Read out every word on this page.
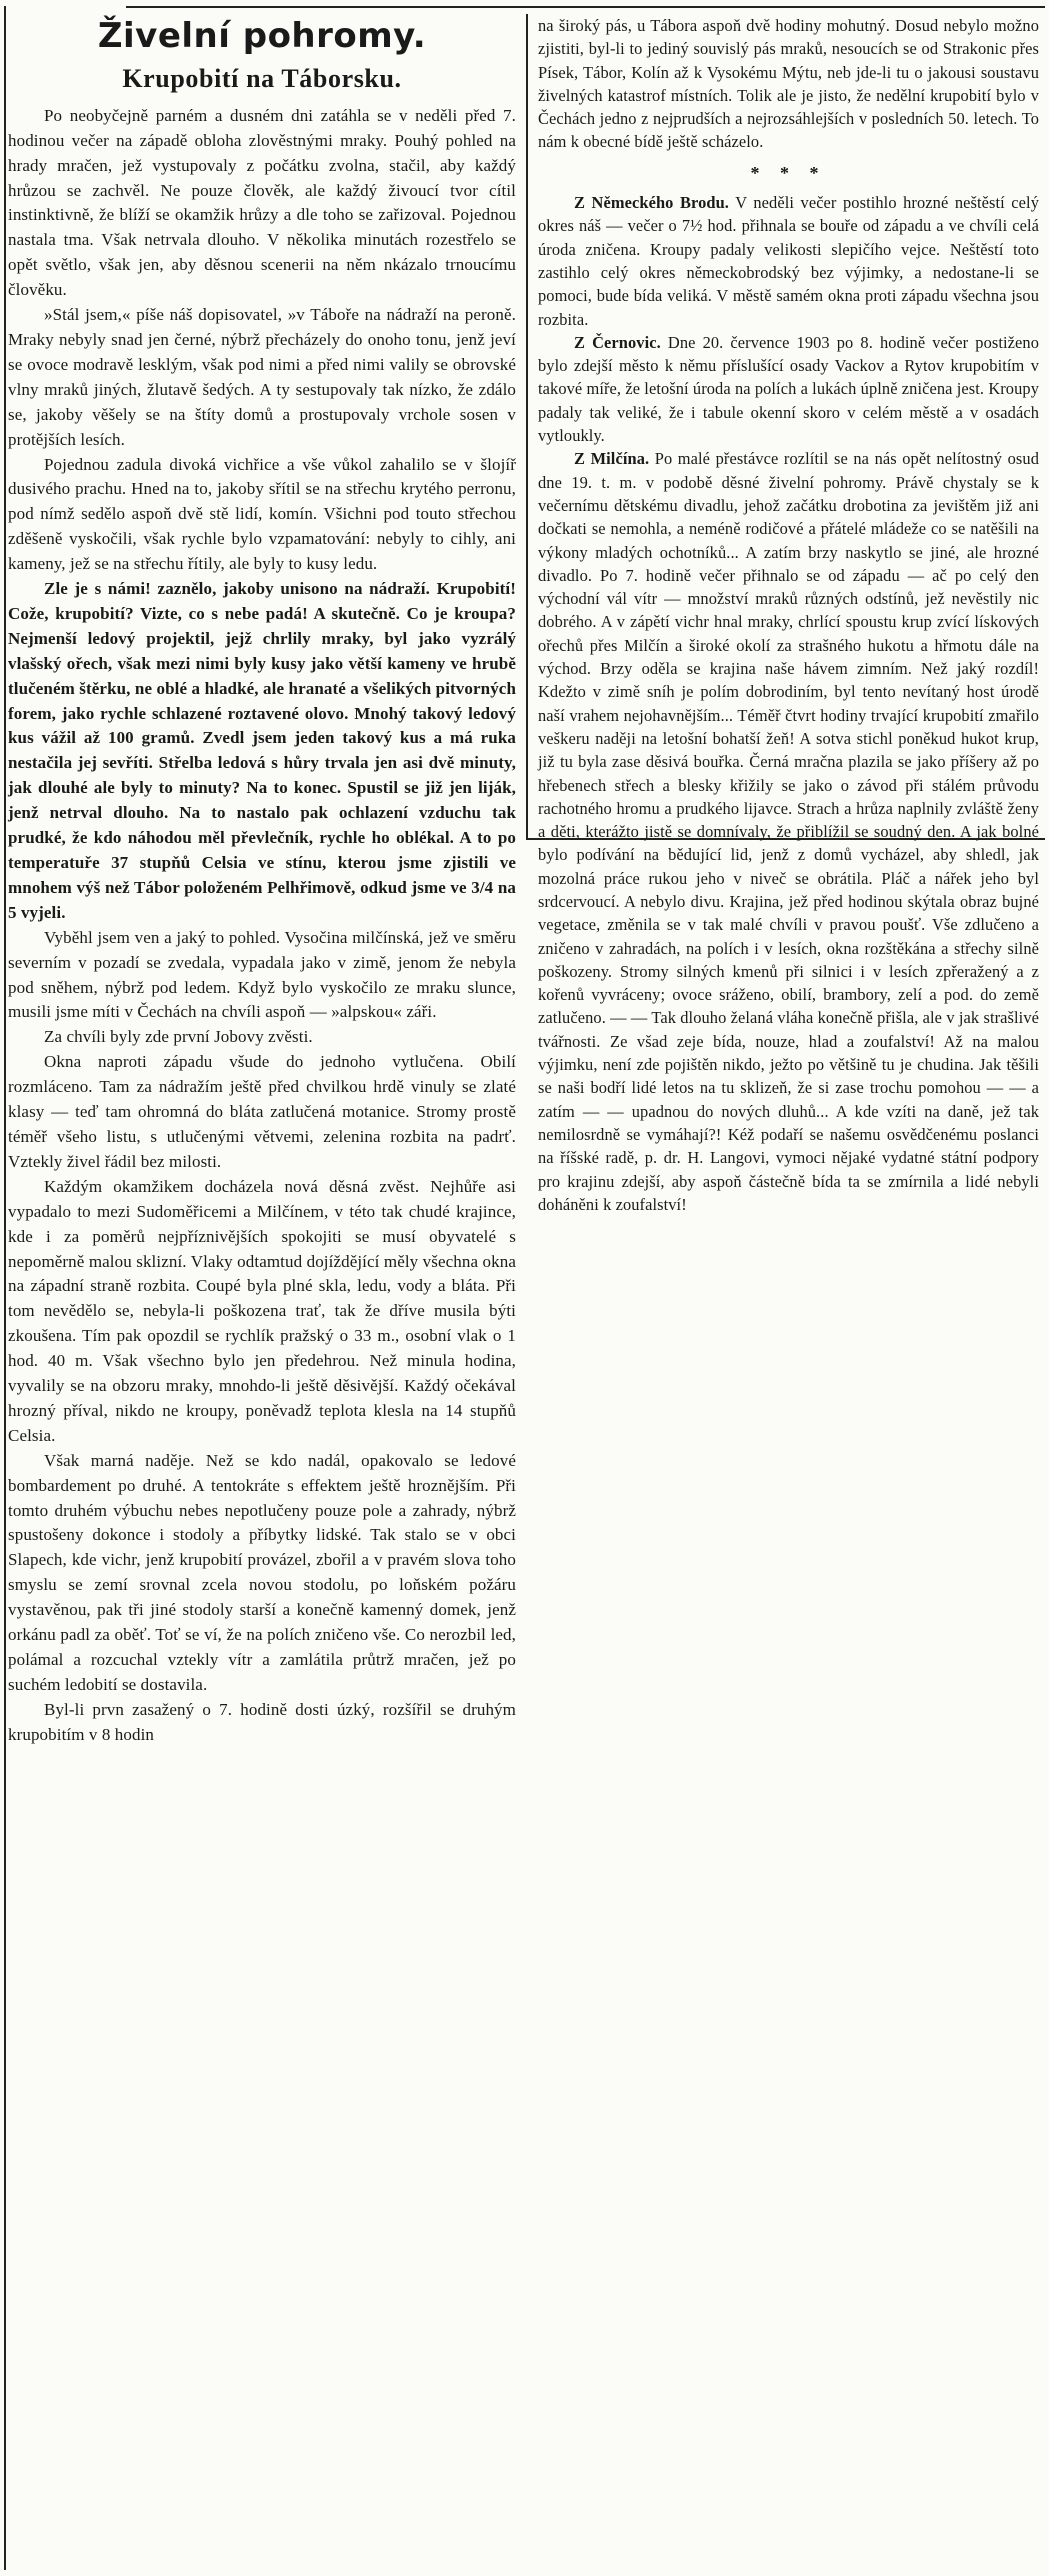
Živelní pohromy.
Krupobití na Táborsku.

Po neobyčejně parném a dusném dni zatáhla se v neděli před 7. hodinou večer na západě obloha zlověstnými mraky. Pouhý pohled na hrady mračen, jež vystupovaly z počátku zvolna, stačil, aby každý hrůzou se zachvěl. Ne pouze člověk, ale každý živoucí tvor cítil instinktivně, že blíží se okamžik hrůzy a dle toho se zařizoval. Pojednou nastala tma. Však netrvala dlouho. V několika minutách rozestřelo se opět světlo, však jen, aby děsnou scenerii na něm nkázalo trnoucímu člověku.

»Stál jsem,« píše náš dopisovatel, »v Táboře na nádraží na peroně. Mraky nebyly snad jen černé, nýbrž přecházely do onoho tonu, jenž jeví se ovoce modravě lesklým, však pod nimi a před nimi valily se obrovské vlny mraků jiných, žlutavě šedých. A ty sestupovaly tak nízko, že zdálo se, jakoby věšely se na štíty domů a prostupovaly vrchole sosen v protějších lesích.

Pojednou zadula divoká vichřice a vše vůkol zahalilo se v šlojíř dusivého prachu. Hned na to, jakoby sřítil se na střechu krytého perronu, pod nímž sedělo aspoň dvě stě lidí, komín. Všichni pod touto střechou zděšeně vyskočili, však rychle bylo vzpamatování: nebyly to cihly, ani kameny, jež se na střechu řítily, ale byly to kusy ledu.

Zle je s námi! zaznělo, jakoby unisono na nádraží. Krupobití! Cože, krupobití? Vizte, co s nebe padá! A skutečně. Co je kroupa? Nejmenší ledový projektil, jejž chrlily mraky, byl jako vyzrálý vlašský ořech, však mezi nimi byly kusy jako větší kameny ve hrubě tlučeném štěrku, ne oblé a hladké, ale hranaté a všelikých pitvorných forem, jako rychle schlazené roztavené olovo. Mnohý takový ledový kus vážil až 100 gramů. Zvedl jsem jeden takový kus a má ruka nestačila jej sevříti. Střelba ledová s hůry trvala jen asi dvě minuty, jak dlouhé ale byly to minuty? Na to konec. Spustil se již jen liják, jenž netrval dlouho. Na to nastalo pak ochlazení vzduchu tak prudké, že kdo náhodou měl převlečník, rychle ho oblékal. A to po temperatuře 37 stupňů Celsia ve stínu, kterou jsme zjistili ve mnohem výš než Tábor položeném Pelhřimově, odkud jsme ve 3/4 na 5 vyjeli.

Vyběhl jsem ven a jaký to pohled. Vysočina milčínská, jež ve směru severním v pozadí se zvedala, vypadala jako v zimě, jenom že nebyla pod sněhem, nýbrž pod ledem. Když bylo vyskočilo ze mraku slunce, musili jsme míti v Čechách na chvíli aspoň — »alpskou« záři.

Za chvíli byly zde první Jobovy zvěsti.

Okna naproti západu všude do jednoho vytlučena. Obilí rozmláceno. Tam za nádražím ještě před chvilkou hrdě vinuly se zlaté klasy — teď tam ohromná do bláta zatlučená motanice. Stromy prostě téměř všeho listu, s utlučenými větvemi, zelenina rozbita na padrť. Vztekly živel řádil bez milosti.

Každým okamžikem docházela nová děsná zvěst. Nejhůře asi vypadalo to mezi Sudoměřicemi a Milčínem, v této tak chudé krajince, kde i za poměrů nejpříznivějších spokojiti se musí obyvatelé s nepoměrně malou sklizní. Vlaky odtamtud dojíždějící měly všechna okna na západní straně rozbita. Coupé byla plné skla, ledu, vody a bláta. Při tom nevědělo se, nebyla-li poškozena trať, tak že dříve musila býti zkoušena. Tím pak opozdil se rychlík pražský o 33 m., osobní vlak o 1 hod. 40 m. Však všechno bylo jen předehrou. Než minula hodina, vyvalily se na obzoru mraky, mnohdo-li ještě děsivější. Každý očekával hrozný příval, nikdo ne kroupy, poněvadž teplota klesla na 14 stupňů Celsia.

Však marná naděje. Než se kdo nadál, opakovalo se ledové bombardement po druhé. A tentokráte s effektem ještě hroznějším. Při tomto druhém výbuchu nebes nepotlučeny pouze pole a zahrady, nýbrž spustošeny dokonce i stodoly a příbytky lidské. Tak stalo se v obci Slapech, kde vichr, jenž krupobití provázel, zbořil a v pravém slova toho smyslu se zemí srovnal zcela novou stodolu, po loňském požáru vystavěnou, pak tři jiné stodoly starší a konečně kamenný domek, jenž orkánu padl za oběť. Toť se ví, že na polích zničeno vše. Co nerozbil led, polámal a rozcuchal vztekly vítr a zamlátila průtrž mračen, jež po suchém ledobití se dostavila.

Byl-li prvn zasažený o 7. hodině dosti úzký, rozšířil se druhým krupobitím v 8 hodin

na široký pás, u Tábora aspoň dvě hodiny mohutný. Dosud nebylo možno zjistiti, byl-li to jediný souvislý pás mraků, nesoucích se od Strakonic přes Písek, Tábor, Kolín až k Vysokému Mýtu, neb jde-li tu o jakousi soustavu živelných katastrof místních. Tolik ale je jisto, že nedělní krupobití bylo v Čechách jedno z nejprudších a nejrozsáhlejších v posledních 50. letech. To nám k obecné bídě ještě scházelo.

* * *

Z Německého Brodu. V neděli večer postihlo hrozné neštěstí celý okres náš — večer o 7½ hod. přihnala se bouře od západu a ve chvíli celá úroda zničena. Kroupy padaly velikosti slepičího vejce. Neštěstí toto zastihlo celý okres německobrodský bez výjimky, a nedostane-li se pomoci, bude bída veliká. V městě samém okna proti západu všechna jsou rozbita.

Z Černovic. Dne 20. července 1903 po 8. hodině večer postiženo bylo zdejší město k němu příslušící osady Vackov a Rytov krupobitím v takové míře, že letošní úroda na polích a lukách úplně zničena jest. Kroupy padaly tak veliké, že i tabule okenní skoro v celém městě a v osadách vytloukly.

Z Milčína. Po malé přestávce rozlítil se na nás opět nelítostný osud dne 19. t. m. v podobě děsné živelní pohromy. Právě chystaly se k večernímu dětskému divadlu, jehož začátku drobotina za jevištěm již ani dočkati se nemohla, a neméně rodičové a přátelé mládeže co se natěšili na výkony mladých ochotníků... A zatím brzy naskytlo se jiné, ale hrozné divadlo. Po 7. hodině večer přihnalo se od západu — ač po celý den východní vál vítr — množství mraků různých odstínů, jež nevěstily nic dobrého. A v zápětí vichr hnal mraky, chrlící spoustu krup zvící lískových ořechů přes Milčín a široké okolí za strašného hukotu a hřmotu dále na východ. Brzy oděla se krajina naše hávem zimním. Než jaký rozdíl! Kdežto v zimě sníh je polím dobrodiním, byl tento nevítaný host úrodě naší vrahem nejohavnějším... Téměř čtvrt hodiny trvající krupobití zmařilo veškeru naději na letošní bohatší žeň! A sotva stichl poněkud hukot krup, již tu byla zase děsivá bouřka. Černá mračna plazila se jako příšery až po hřebenech střech a blesky křižily se jako o závod při stálém průvodu rachotného hromu a prudkého lijavce. Strach a hrůza naplnily zvláště ženy a děti, kterážto jistě se domnívaly, že přiblížil se soudný den. A jak bolné bylo podívání na bědující lid, jenž z domů vycházel, aby shledl, jak mozolná práce rukou jeho v niveč se obrátila. Pláč a nářek jeho byl srdcervoucí. A nebylo divu. Krajina, jež před hodinou skýtala obraz bujné vegetace, změnila se v tak malé chvíli v pravou poušť. Vše zdlučeno a zničeno v zahradách, na polích i v lesích, okna rozštěkána a střechy silně poškozeny. Stromy silných kmenů při silnici i v lesích zpřeražený a z kořenů vyvráceny; ovoce sráženo, obilí, brambory, zelí a pod. do země zatlučeno. — — Tak dlouho želaná vláha konečně přišla, ale v jak strašlivé tvářnosti. Ze všad zeje bída, nouze, hlad a zoufalství! Až na malou výjimku, není zde pojištěn nikdo, ježto po většině tu je chudina. Jak těšili se naši bodří lidé letos na tu sklizeň, že si zase trochu pomohou — — a zatím — — upadnou do nových dluhů... A kde vzíti na daně, jež tak nemilosrdně se vymáhají?! Kéž podaří se našemu osvědčenému poslanci na říšské radě, p. dr. H. Langovi, vymoci nějaké vydatné státní podpory pro krajinu zdejší, aby aspoň částečně bída ta se zmírnila a lidé nebyli doháněni k zoufalství!
